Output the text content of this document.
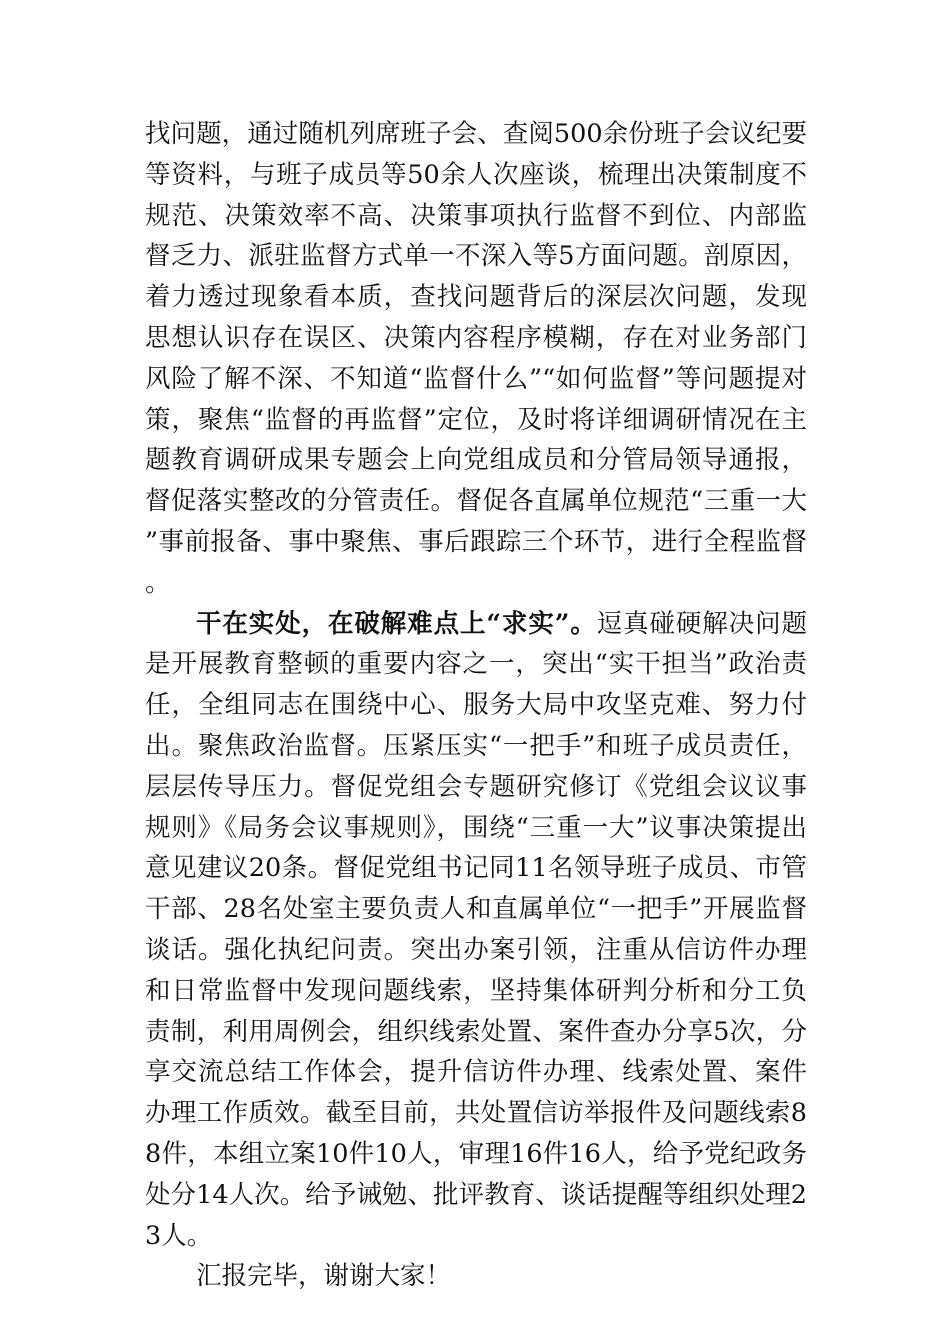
找问题，通过随机列席班子会、查阅500余份班子会议纪要等资料，与班子成员等50余人次座谈，梳理出决策制度不规范、决策效率不高、决策事项执行监督不到位、内部监督乏力、派驻监督方式单一不深入等5方面问题。剖原因，着力透过现象看本质，查找问题背后的深层次问题，发现思想认识存在误区、决策内容程序模糊，存在对业务部门风险了解不深、不知道“监督什么”“如何监督”等问题提对策，聚焦“监督的再监督”定位，及时将详细调研情况在主题教育调研成果专题会上向党组成员和分管局领导通报，督促落实整改的分管责任。督促各直属单位规范“三重一大”事前报备、事中聚焦、事后跟踪三个环节，进行全程监督。

干在实处，在破解难点上“求实”。逗真碰硬解决问题是开展教育整顿的重要内容之一，突出“实干担当”政治责任，全组同志在围绕中心、服务大局中攻坚克难、努力付出。聚焦政治监督。压紧压实“一把手”和班子成员责任，层层传导压力。督促党组会专题研究修订《党组会议议事规则》《局务会议事规则》，围绕“三重一大”议事决策提出意见建议20条。督促党组书记同11名领导班子成员、市管干部、28名处室主要负责人和直属单位“一把手”开展监督谈话。强化执纪问责。突出办案引领，注重从信访件办理和日常监督中发现问题线索，坚持集体研判分析和分工负责制，利用周例会，组织线索处置、案件查办分享5次，分享交流总结工作体会，提升信访件办理、线索处置、案件办理工作质效。截至目前，共处置信访举报件及问题线索88件，本组立案10件10人，审理16件16人，给予党纪政务处分14人次。给予诫勉、批评教育、谈话提醒等组织处理23人。

汇报完毕，谢谢大家！
